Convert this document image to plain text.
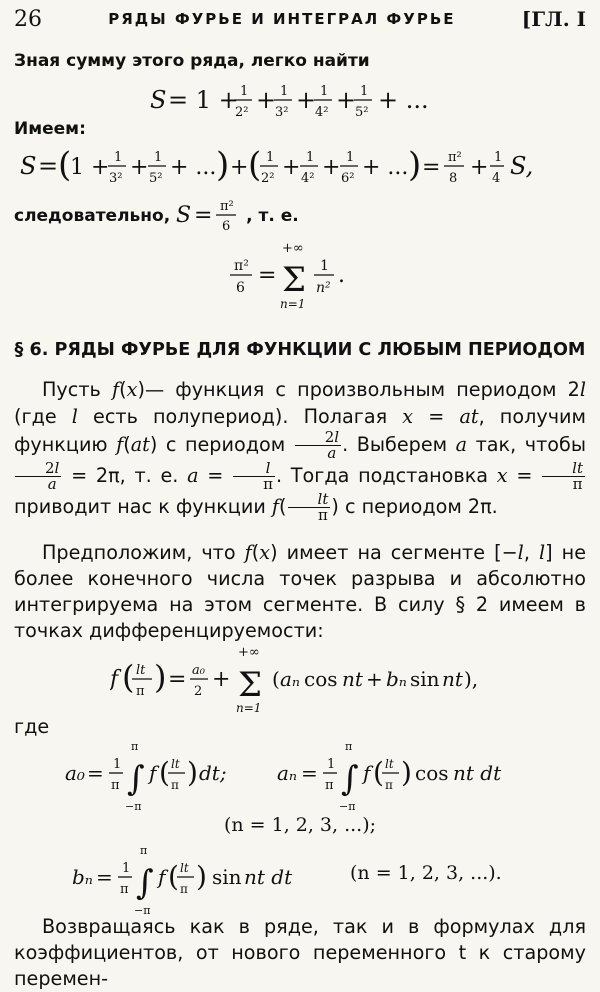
26	РЯДЫ ФУРЬЕ И ИНТЕГРАЛ ФУРЬЕ	[ГЛ. I
Зная сумму этого ряда, легко найти
S = 1 + 1
2² + 1
3² + 1
4² + 1
5² + ...
Имеем:
S = (
1 + 1
3² + 1
5² + ... ) + ( 1
2² + 1
4² + 1
6² + ... ) = π²
8 + 1
4 S,
следовательно, S = π²
6
, т. е.
π²
6 =
+∞
Σ
n=1
1
n² .
§ 6. РЯДЫ ФУРЬЕ ДЛЯ ФУНКЦИИ С ЛЮБЫМ ПЕРИОДОМ

Пусть f(x)— функция с произвольным периодом 2l (где l есть полупериод). Полагая x = at, получим функцию f(at) с периодом $\frac{2l}{a}$ . Выберем a так, чтобы
$\frac{2l}{a} = 2\pi$, т. е. $a = \frac{l}{\pi}$ . Тогда подстановка $x = \frac{lt}{\pi}$
приводит нас к функции $f( \frac{lt}{\pi}$ ) с периодом 2π.

Предположим, что f(x) имеет на сегменте [−l, l] не более конечного числа точек разрыва и абсолютно интегрируема на этом сегменте. В силу § 2 имеем в точках дифференцируемости:

f ( lt
π ) = a₀
2 +
+∞
Σ
n=1
( aₙ cos nt + bₙ sin nt ),
где
a₀ = 1
π
π
∫
−π
f ( lt
π ) dt;	aₙ = 1
π
π
∫
−π
f ( lt
π ) cos nt dt
(n = 1, 2, 3, ...);
bₙ = 1
π
π
∫
−π
f ( lt
π ) sin nt dt	(n = 1, 2, 3, ...).

Возвращаясь как в ряде, так и в формулах для коэффициентов, от нового переменного t к старому перемен-
